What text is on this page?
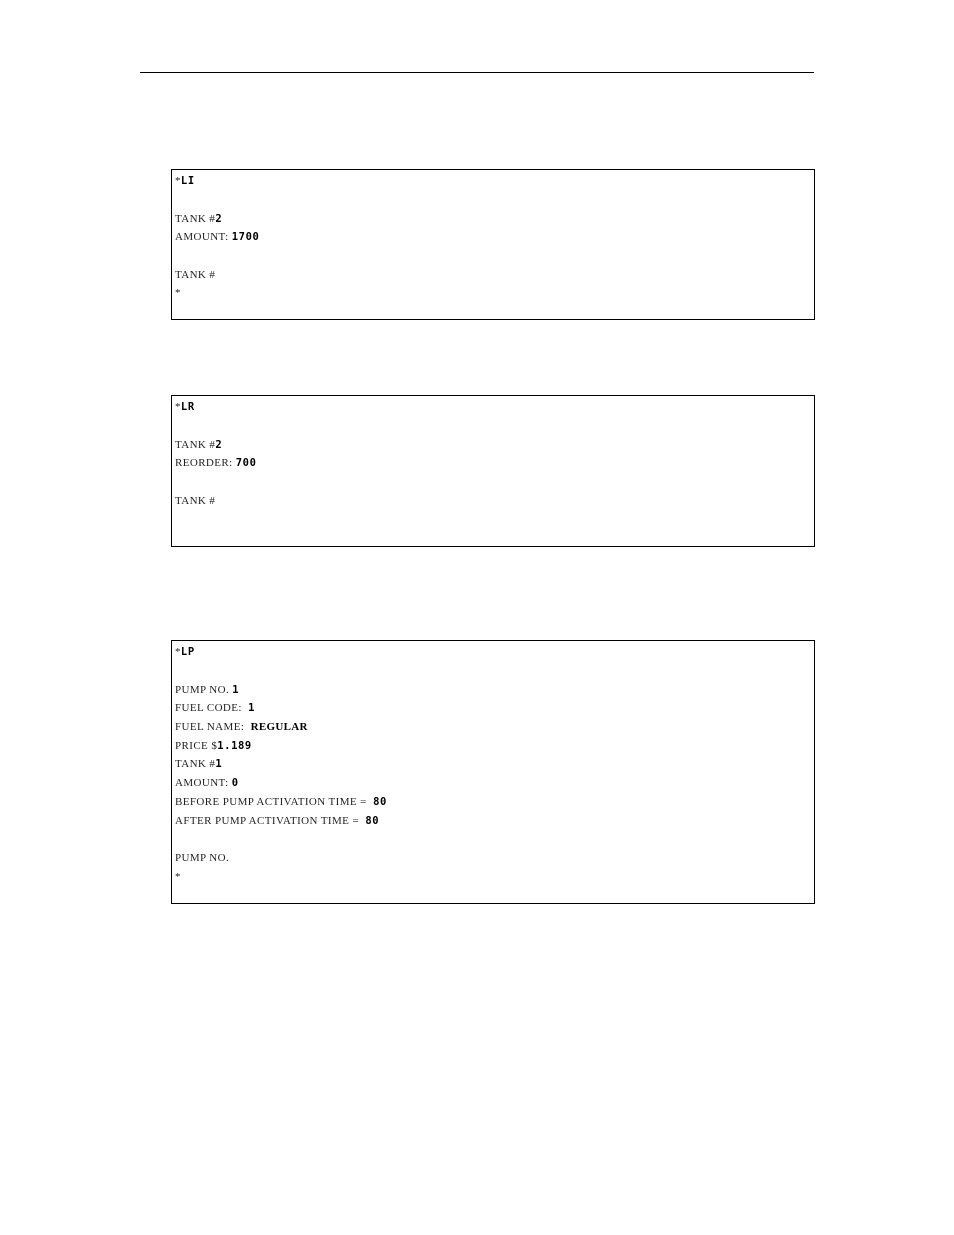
*LI
TANK #2
AMOUNT: 1700
TANK #
*
*LR
TANK #2
REORDER: 700
TANK #
*LP
PUMP NO. 1
FUEL CODE:  1
FUEL NAME:  REGULAR
PRICE $1.189
TANK #1
AMOUNT: 0
BEFORE PUMP ACTIVATION TIME =  80
AFTER PUMP ACTIVATION TIME =  80
PUMP NO.
*
